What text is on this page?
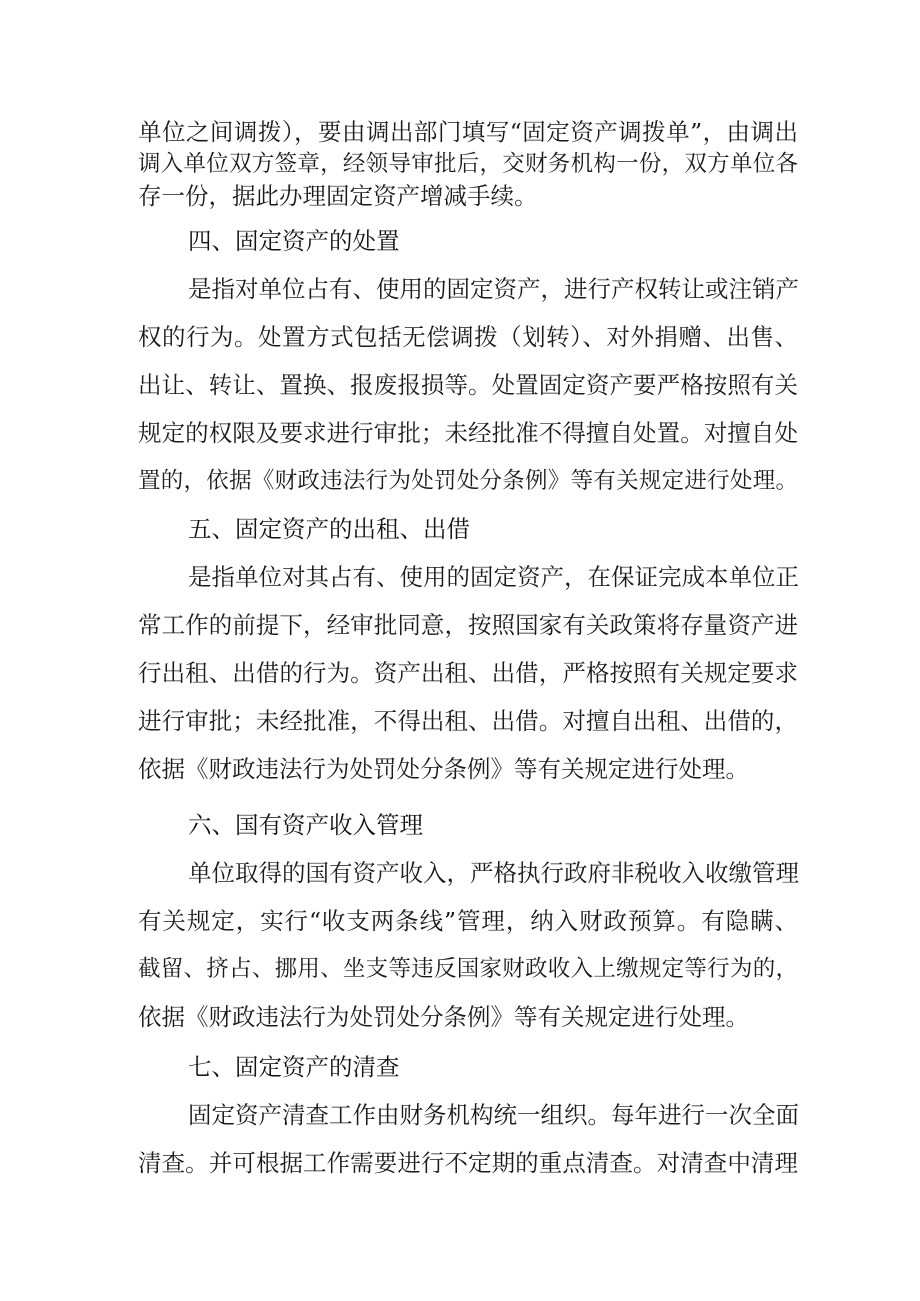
单位之间调拨），要由调出部门填写“固定资产调拨单”，由调出
调入单位双方签章，经领导审批后，交财务机构一份，双方单位各
存一份，据此办理固定资产增减手续。
四、固定资产的处置
是指对单位占有、使用的固定资产，进行产权转让或注销产
权的行为。处置方式包括无偿调拨（划转）、对外捐赠、出售、
出让、转让、置换、报废报损等。处置固定资产要严格按照有关
规定的权限及要求进行审批；未经批准不得擅自处置。对擅自处
置的，依据《财政违法行为处罚处分条例》等有关规定进行处理。
五、固定资产的出租、出借
是指单位对其占有、使用的固定资产，在保证完成本单位正
常工作的前提下，经审批同意，按照国家有关政策将存量资产进
行出租、出借的行为。资产出租、出借，严格按照有关规定要求
进行审批；未经批准，不得出租、出借。对擅自出租、出借的，
依据《财政违法行为处罚处分条例》等有关规定进行处理。
六、国有资产收入管理
单位取得的国有资产收入，严格执行政府非税收入收缴管理
有关规定，实行“收支两条线”管理，纳入财政预算。有隐瞒、
截留、挤占、挪用、坐支等违反国家财政收入上缴规定等行为的，
依据《财政违法行为处罚处分条例》等有关规定进行处理。
七、固定资产的清查
固定资产清查工作由财务机构统一组织。每年进行一次全面
清查。并可根据工作需要进行不定期的重点清查。对清查中清理
